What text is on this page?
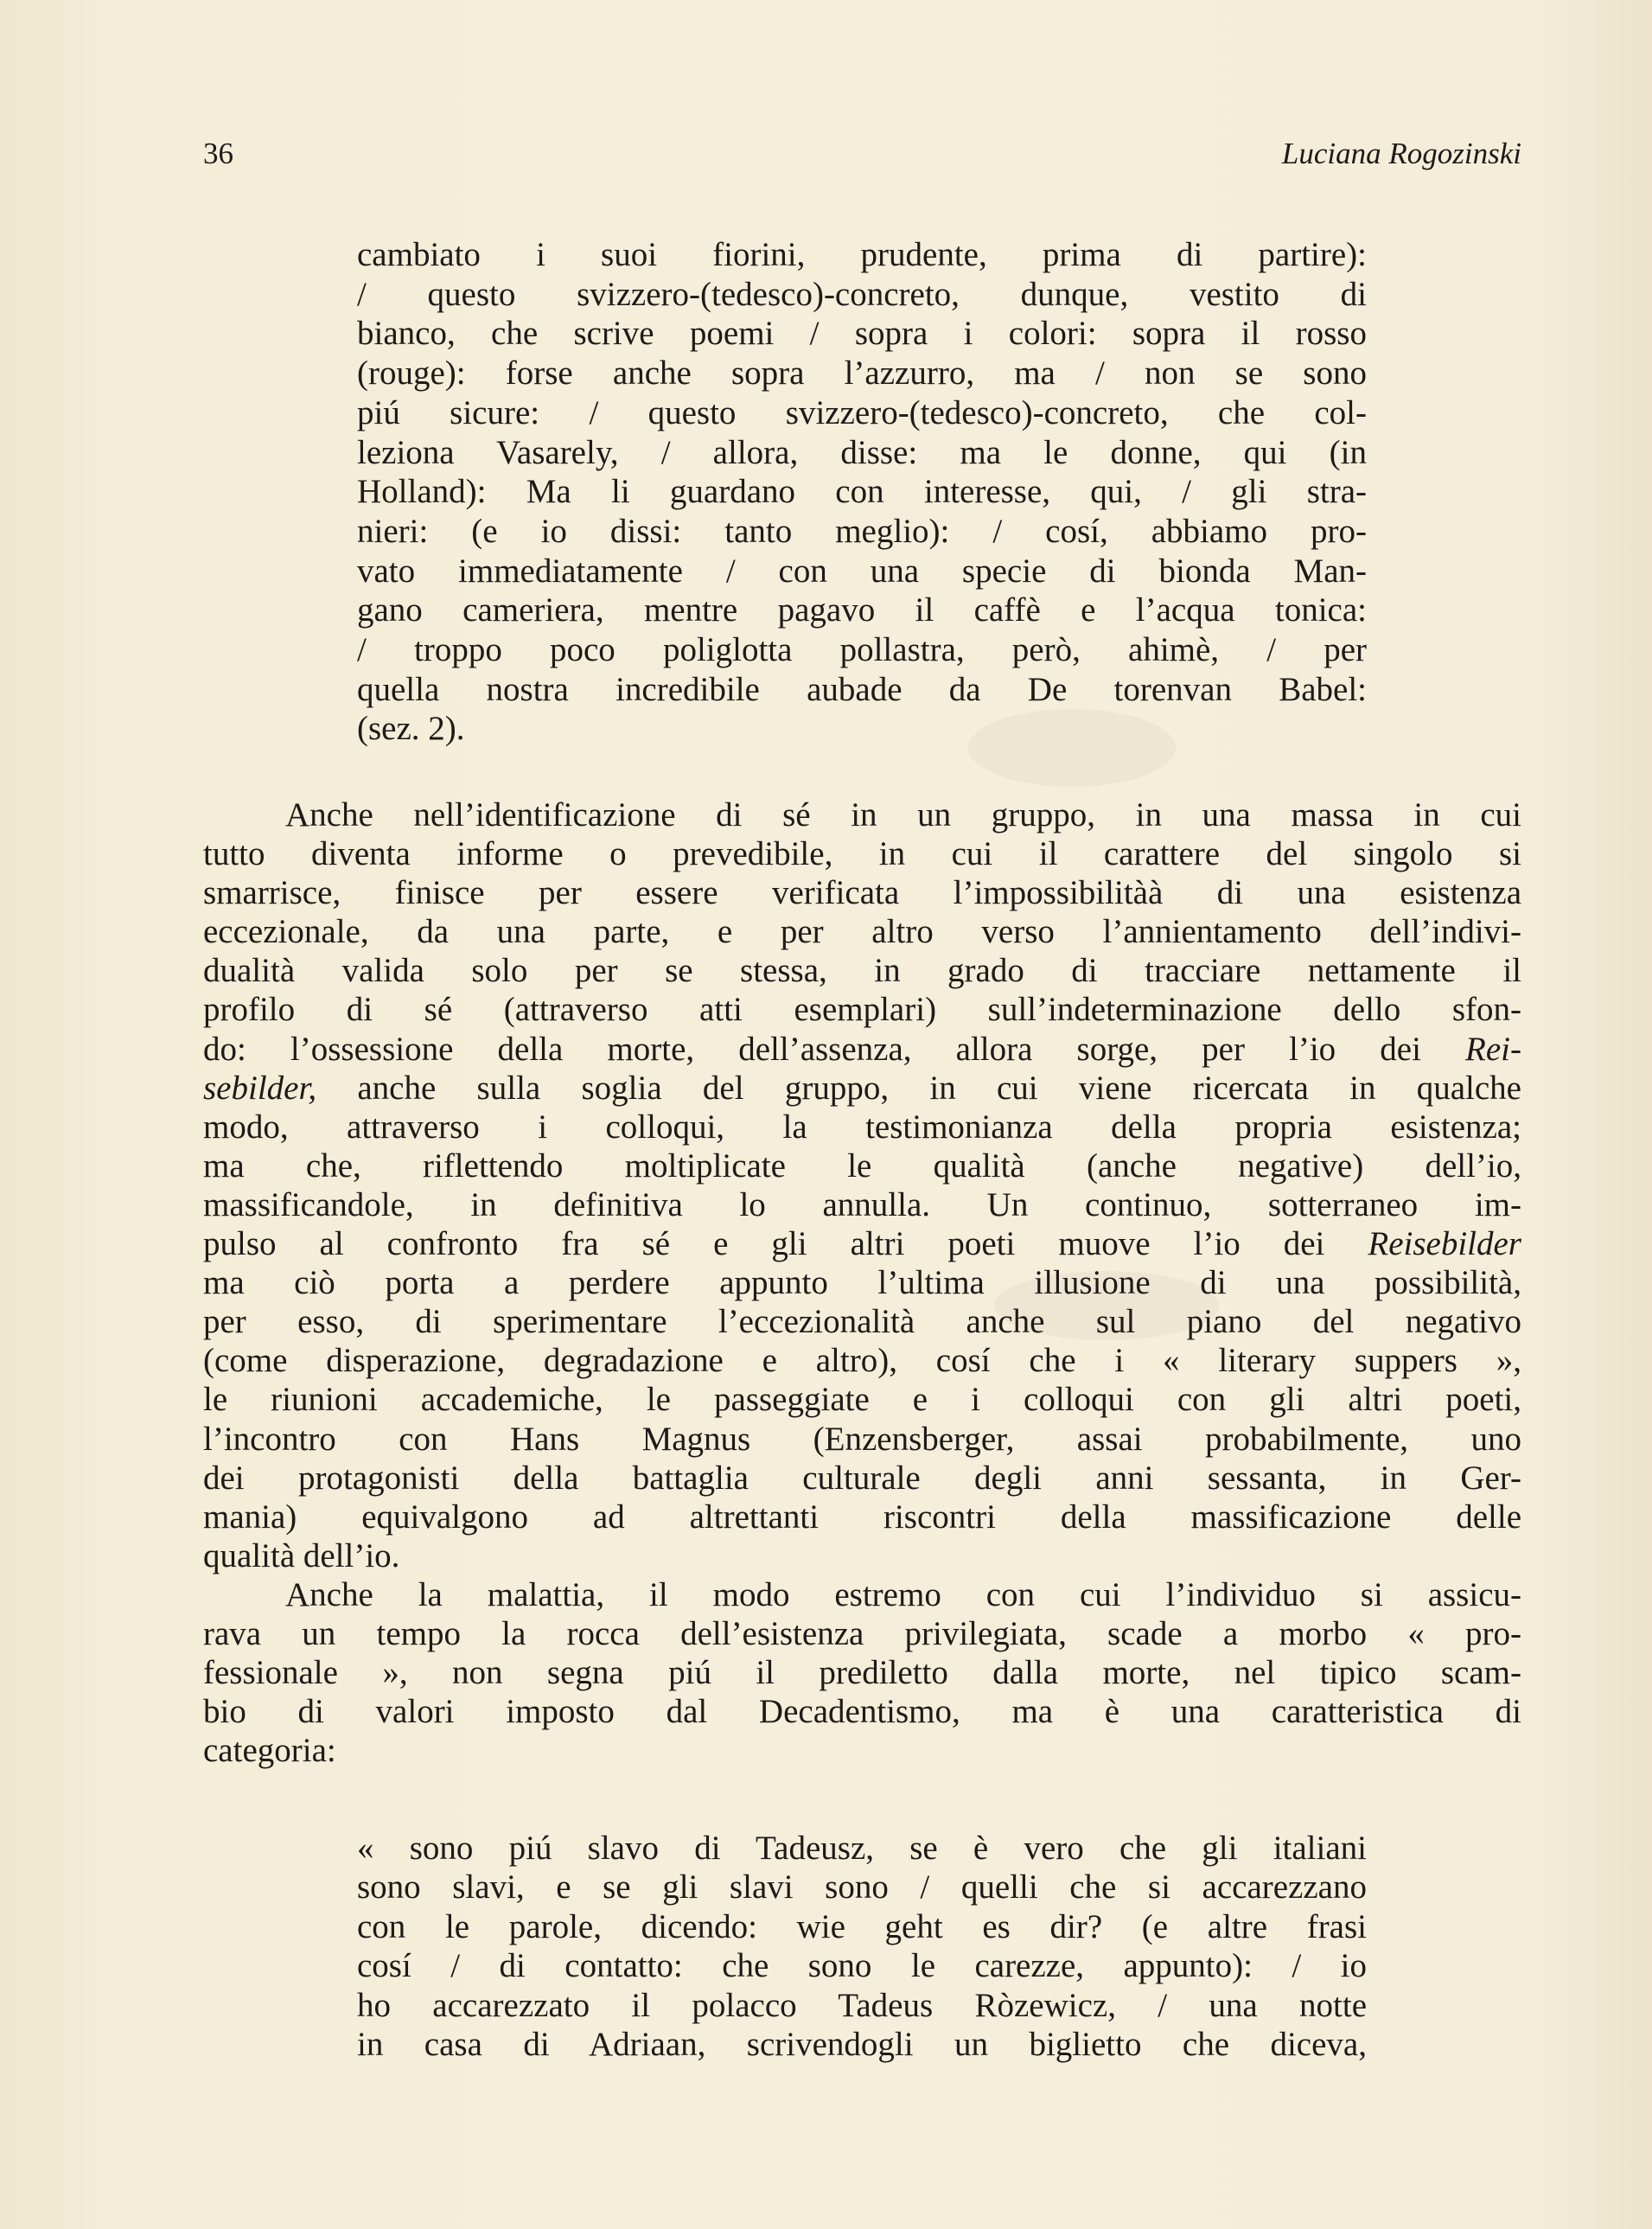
36	Luciana Rogozinski
cambiato i suoi fiorini, prudente, prima di partire):
/ questo svizzero-(tedesco)-concreto, dunque, vestito di
bianco, che scrive poemi / sopra i colori: sopra il rosso
(rouge): forse anche sopra l’azzurro, ma / non se sono
piú sicure: / questo svizzero-(tedesco)-concreto, che col-
leziona Vasarely, / allora, disse: ma le donne, qui (in
Holland): Ma li guardano con interesse, qui, / gli stra-
nieri: (e io dissi: tanto meglio): / cosí, abbiamo pro-
vato immediatamente / con una specie di bionda Man-
gano cameriera, mentre pagavo il caffè e l’acqua tonica:
/ troppo poco poliglotta pollastra, però, ahimè, / per
quella nostra incredibile aubade da De torenvan Babel:
(sez. 2).
Anche nell’identificazione di sé in un gruppo, in una massa in cui
tutto diventa informe o prevedibile, in cui il carattere del singolo si
smarrisce, finisce per essere verificata l’impossibilitàà di una esistenza
eccezionale, da una parte, e per altro verso l’annientamento dell’indivi-
dualità valida solo per se stessa, in grado di tracciare nettamente il
profilo di sé (attraverso atti esemplari) sull’indeterminazione dello sfon-
do: l’ossessione della morte, dell’assenza, allora sorge, per l’io dei Rei-
sebilder, anche sulla soglia del gruppo, in cui viene ricercata in qualche
modo, attraverso i colloqui, la testimonianza della propria esistenza;
ma che, riflettendo moltiplicate le qualità (anche negative) dell’io,
massificandole, in definitiva lo annulla. Un continuo, sotterraneo im-
pulso al confronto fra sé e gli altri poeti muove l’io dei Reisebilder
ma ciò porta a perdere appunto l’ultima illusione di una possibilità,
per esso, di sperimentare l’eccezionalità anche sul piano del negativo
(come disperazione, degradazione e altro), cosí che i « literary suppers »,
le riunioni accademiche, le passeggiate e i colloqui con gli altri poeti,
l’incontro con Hans Magnus (Enzensberger, assai probabilmente, uno
dei protagonisti della battaglia culturale degli anni sessanta, in Ger-
mania) equivalgono ad altrettanti riscontri della massificazione delle
qualità dell’io.
Anche la malattia, il modo estremo con cui l’individuo si assicu-
rava un tempo la rocca dell’esistenza privilegiata, scade a morbo « pro-
fessionale », non segna piú il prediletto dalla morte, nel tipico scam-
bio di valori imposto dal Decadentismo, ma è una caratteristica di
categoria:
« sono piú slavo di Tadeusz, se è vero che gli italiani
sono slavi, e se gli slavi sono / quelli che si accarezzano
con le parole, dicendo: wie geht es dir? (e altre frasi
cosí / di contatto: che sono le carezze, appunto): / io
ho accarezzato il polacco Tadeus Ròzewicz, / una notte
in casa di Adriaan, scrivendogli un biglietto che diceva,
